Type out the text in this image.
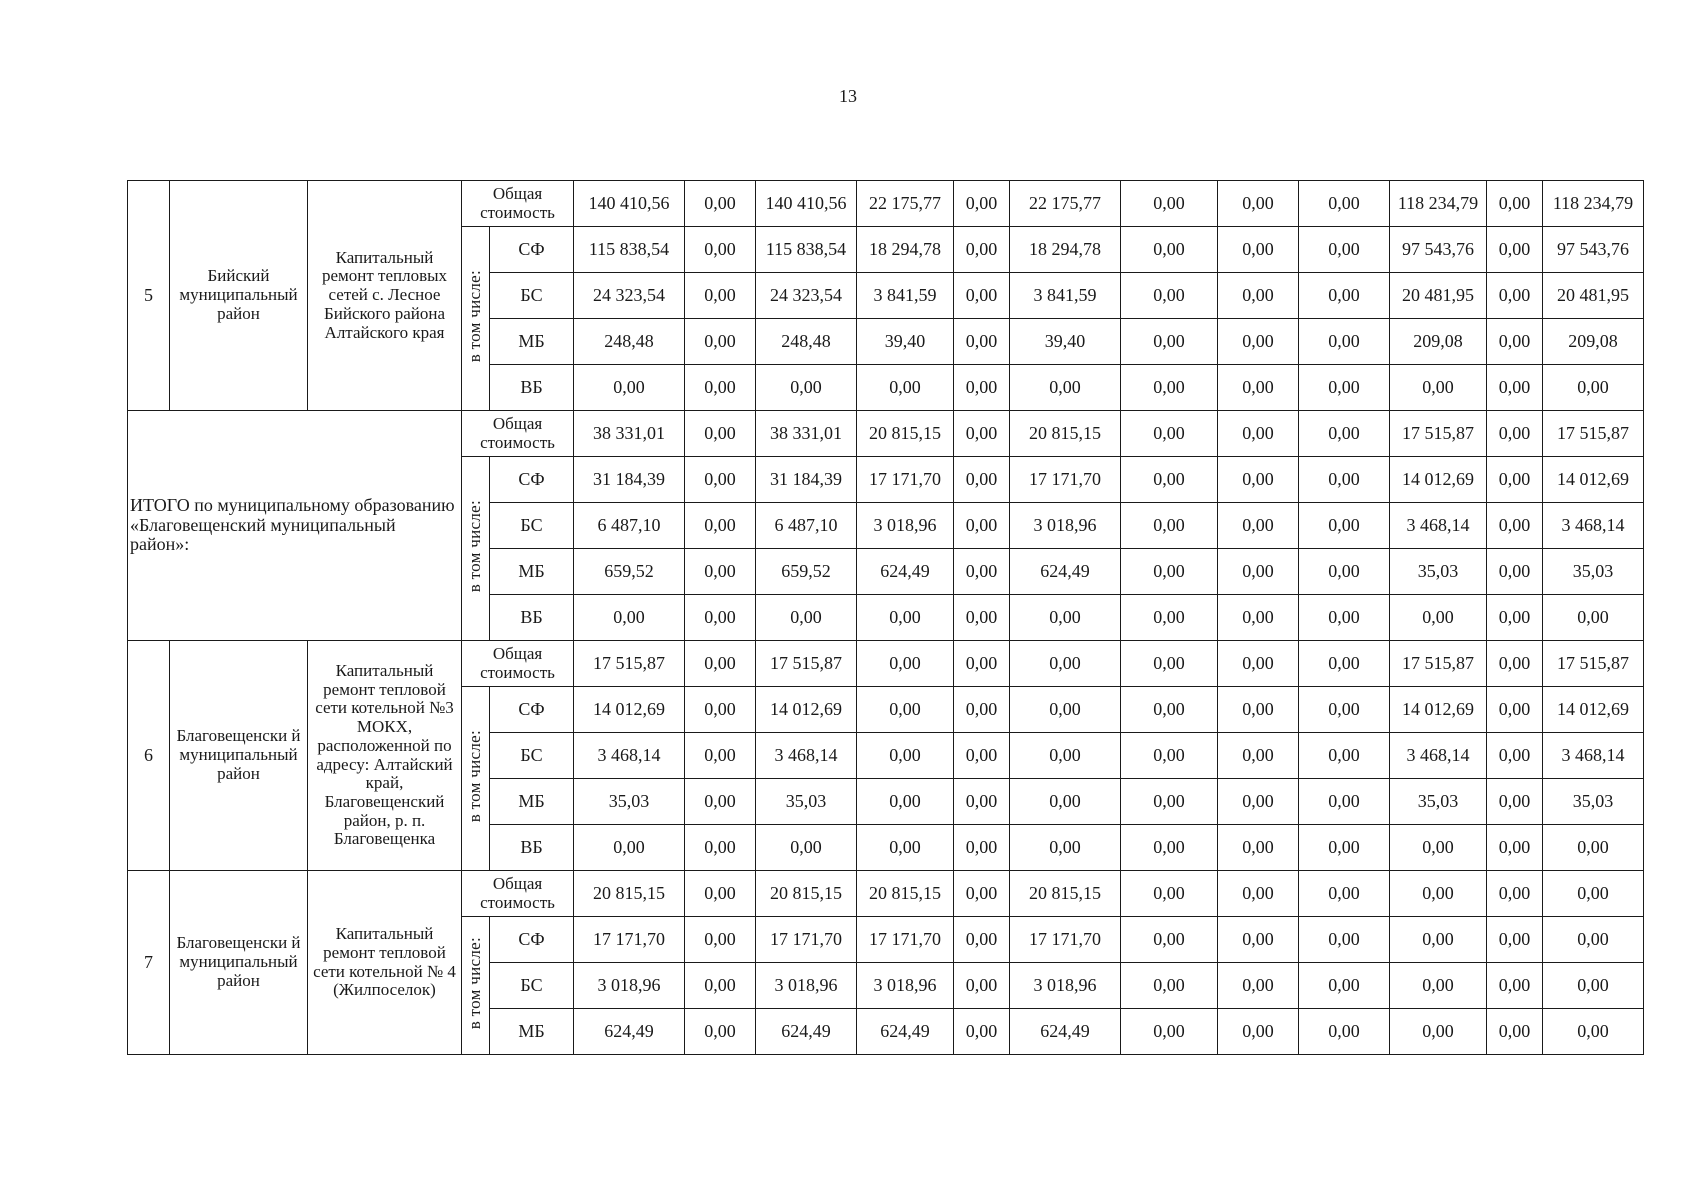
13
5	Бийский муниципальный район	Капитальный ремонт тепловых сетей с. Лесное Бийского района Алтайского края	Общая стоимость		140 410,56	0,00	140 410,56	22 175,77	0,00	22 175,77	0,00	0,00	0,00	118 234,79	0,00	118 234,79
			в том числе:	СФ	115 838,54	0,00	115 838,54	18 294,78	0,00	18 294,78	0,00	0,00	0,00	97 543,76	0,00	97 543,76
				БС	24 323,54	0,00	24 323,54	3 841,59	0,00	3 841,59	0,00	0,00	0,00	20 481,95	0,00	20 481,95
				МБ	248,48	0,00	248,48	39,40	0,00	39,40	0,00	0,00	0,00	209,08	0,00	209,08
				ВБ	0,00	0,00	0,00	0,00	0,00	0,00	0,00	0,00	0,00	0,00	0,00	0,00
ИТОГО по муниципальному образованию «Благовещенский муниципальный район»:			Общая стоимость		38 331,01	0,00	38 331,01	20 815,15	0,00	20 815,15	0,00	0,00	0,00	17 515,87	0,00	17 515,87
			в том числе:	СФ	31 184,39	0,00	31 184,39	17 171,70	0,00	17 171,70	0,00	0,00	0,00	14 012,69	0,00	14 012,69
				БС	6 487,10	0,00	6 487,10	3 018,96	0,00	3 018,96	0,00	0,00	0,00	3 468,14	0,00	3 468,14
				МБ	659,52	0,00	659,52	624,49	0,00	624,49	0,00	0,00	0,00	35,03	0,00	35,03
				ВБ	0,00	0,00	0,00	0,00	0,00	0,00	0,00	0,00	0,00	0,00	0,00	0,00
6	Благовещенски й муниципальный район	Капитальный ремонт тепловой сети котельной №3 МОКХ, расположенной по адресу: Алтайский край, Благовещенский район, р. п. Благовещенка	Общая стоимость		17 515,87	0,00	17 515,87	0,00	0,00	0,00	0,00	0,00	0,00	17 515,87	0,00	17 515,87
			в том числе:	СФ	14 012,69	0,00	14 012,69	0,00	0,00	0,00	0,00	0,00	0,00	14 012,69	0,00	14 012,69
				БС	3 468,14	0,00	3 468,14	0,00	0,00	0,00	0,00	0,00	0,00	3 468,14	0,00	3 468,14
				МБ	35,03	0,00	35,03	0,00	0,00	0,00	0,00	0,00	0,00	35,03	0,00	35,03
				ВБ	0,00	0,00	0,00	0,00	0,00	0,00	0,00	0,00	0,00	0,00	0,00	0,00
7	Благовещенски й муниципальный район	Капитальный ремонт тепловой сети котельной № 4 (Жилпоселок)	Общая стоимость		20 815,15	0,00	20 815,15	20 815,15	0,00	20 815,15	0,00	0,00	0,00	0,00	0,00	0,00
			в том числе:	СФ	17 171,70	0,00	17 171,70	17 171,70	0,00	17 171,70	0,00	0,00	0,00	0,00	0,00	0,00
				БС	3 018,96	0,00	3 018,96	3 018,96	0,00	3 018,96	0,00	0,00	0,00	0,00	0,00	0,00
				МБ	624,49	0,00	624,49	624,49	0,00	624,49	0,00	0,00	0,00	0,00	0,00	0,00
